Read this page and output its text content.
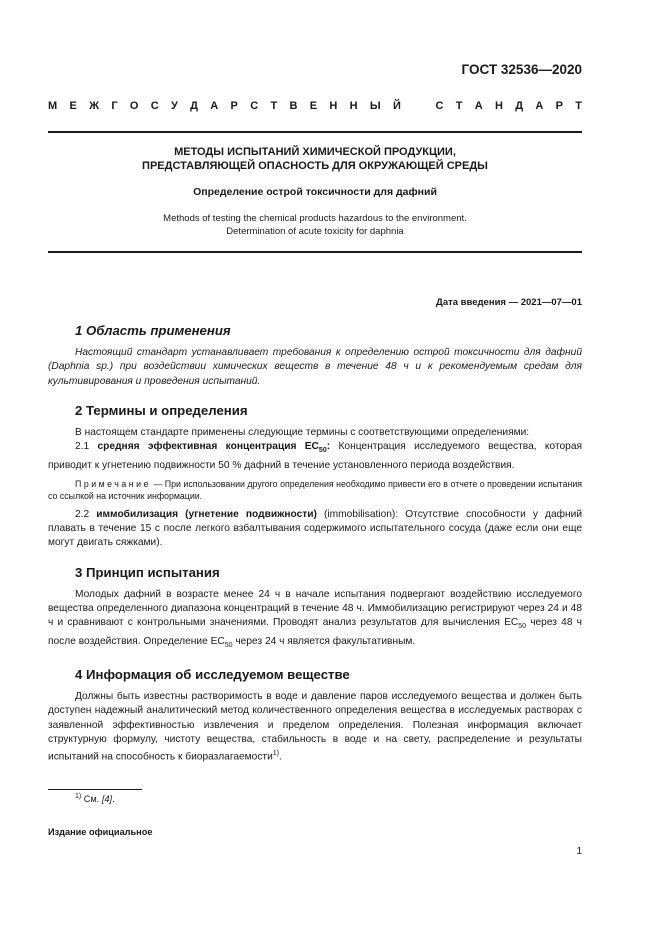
ГОСТ 32536—2020
М Е Ж Г О С У Д А Р С Т В Е Н Н Ы Й	С Т А Н Д А Р Т
МЕТОДЫ ИСПЫТАНИЙ ХИМИЧЕСКОЙ ПРОДУКЦИИ,
ПРЕДСТАВЛЯЮЩЕЙ ОПАСНОСТЬ ДЛЯ ОКРУЖАЮЩЕЙ СРЕДЫ
Определение острой токсичности для дафний
Methods of testing the chemical products hazardous to the environment.
Determination of acute toxicity for daphnia
Дата введения — 2021—07—01
1 Область применения

Настоящий стандарт устанавливает требования к определению острой токсичности для дафний (Daphnia sp.) при воздействии химических веществ в течение 48 ч и к рекомендуемым средам для культивирования и проведения испытаний.

2 Термины и определения

В настоящем стандарте применены следующие термины с соответствующими определениями:

2.1 средняя эффективная концентрация $EC_{50}$: Концентрация исследуемого вещества, которая приводит к угнетению подвижности 50 % дафний в течение установленного периода воздействия.

Примечание — При использовании другого определения необходимо привести его в отчете о проведении испытания со ссылкой на источник информации.

2.2 иммобилизация (угнетение подвижности) (immobilisation): Отсутствие способности у дафний плавать в течение 15 с после легкого взбалтывания содержимого испытательного сосуда (даже если они еще могут двигать сяжками).

3 Принцип испытания

Молодых дафний в возрасте менее 24 ч в начале испытания подвергают воздействию исследуемого вещества определенного диапазона концентраций в течение 48 ч. Иммобилизацию регистрируют через 24 и 48 ч и сравнивают с контрольными значениями. Проводят анализ результатов для вычисления $EC_{50}$ через 48 ч после воздействия. Определение $EC_{50}$ через 24 ч является факультативным.

4 Информация об исследуемом веществе

Должны быть известны растворимость в воде и давление паров исследуемого вещества и должен быть доступен надежный аналитический метод количественного определения вещества в исследуемых растворах с заявленной эффективностью извлечения и пределом определения. Полезная информация включает структурную формулу, чистоту вещества, стабильность в воде и на свету, распределение и результаты испытаний на способность к биоразлагаемости$^{1)}$.

$^{1)}$ См. [4].
Издание официальное
1
